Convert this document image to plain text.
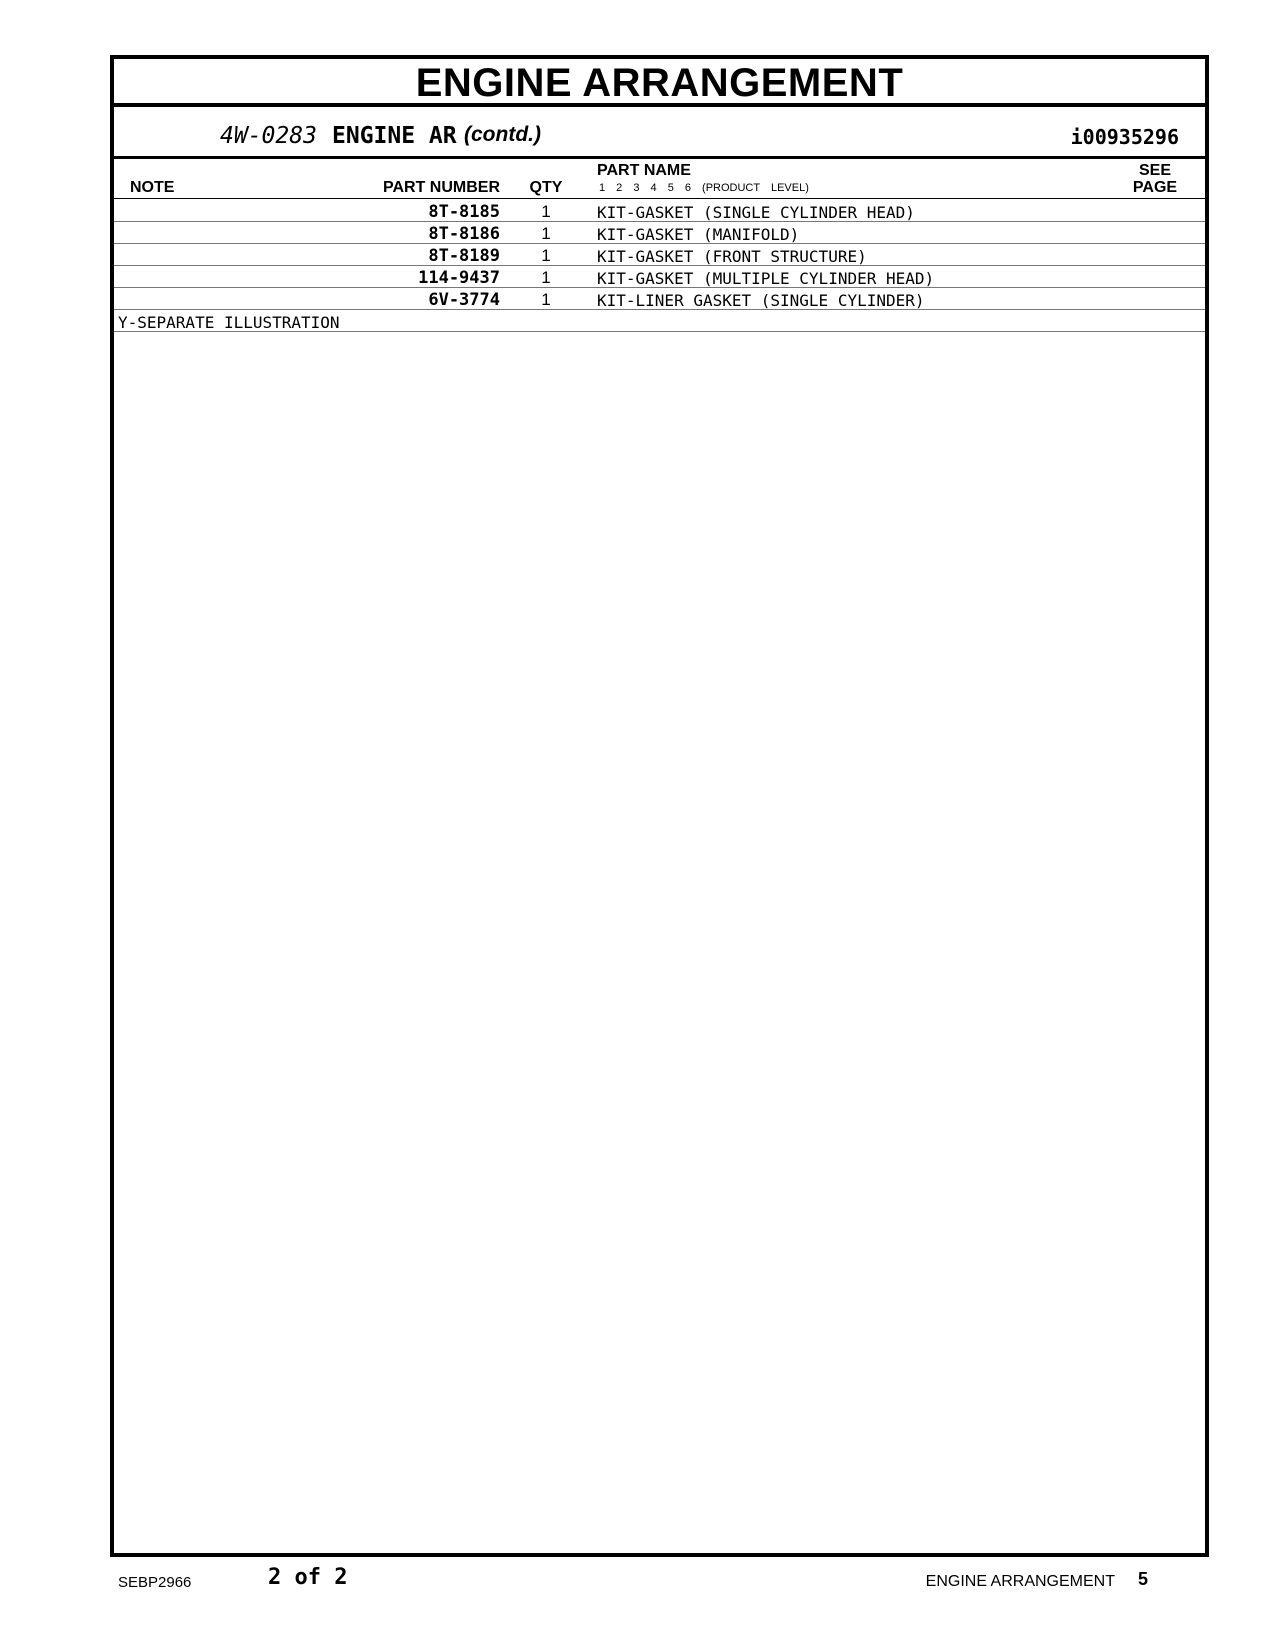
ENGINE ARRANGEMENT
4W-0283 ENGINE AR (contd.)	i00935296
NOTE	PART NUMBER	QTY
PART NAME
1 2 3 4 5 6 (PRODUCT LEVEL)
SEE
PAGE
8T-8185	1	KIT-GASKET (SINGLE CYLINDER HEAD)
8T-8186	1	KIT-GASKET (MANIFOLD)
8T-8189	1	KIT-GASKET (FRONT STRUCTURE)
114-9437	1	KIT-GASKET (MULTIPLE CYLINDER HEAD)
6V-3774	1	KIT-LINER GASKET (SINGLE CYLINDER)
Y-SEPARATE ILLUSTRATION
SEBP2966	2 of 2	ENGINE ARRANGEMENT 5
